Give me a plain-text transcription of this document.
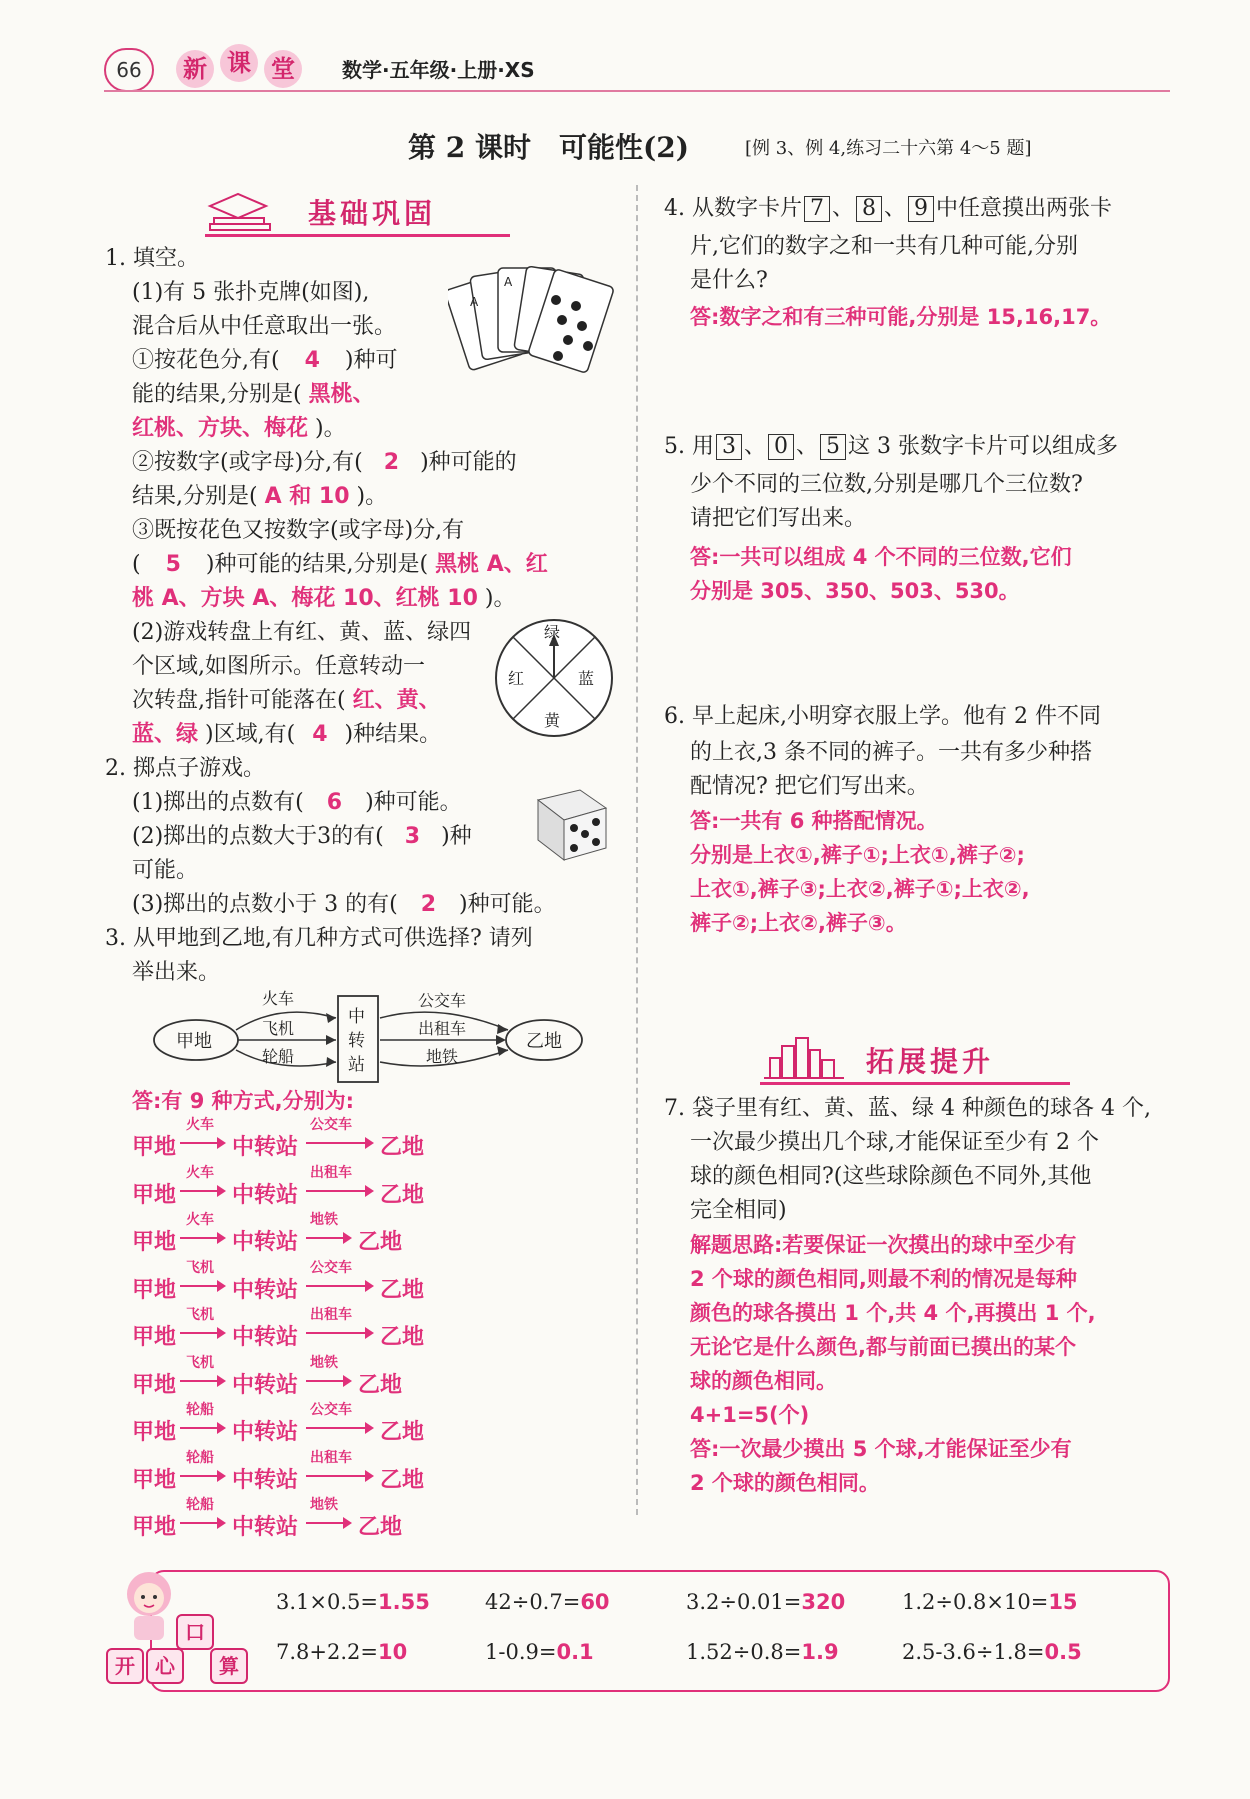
66	新 课 堂	数学·五年级·上册·XS
第 2 课时　可能性(2)	[例 3、例 4,练习二十六第 4～5 题]
基础巩固
1. 填空。
(1)有 5 张扑克牌(如图),
混合后从中任意取出一张。
A
A
①按花色分,有( 4 )种可
能的结果,分别是( 黑桃、
红桃、方块、梅花 )。
②按数字(或字母)分,有( 2 )种可能的
结果,分别是( A 和 10 )。
③既按花色又按数字(或字母)分,有
( 5 )种可能的结果,分别是( 黑桃 A、红
桃 A、方块 A、梅花 10、红桃 10 )。
(2)游戏转盘上有红、黄、蓝、绿四
个区域,如图所示。任意转动一
次转盘,指针可能落在( 红、黄、
蓝、绿 )区域,有( 4 )种结果。
绿
蓝
黄
红
2. 掷点子游戏。
(1)掷出的点数有( 6 )种可能。
(2)掷出的点数大于3的有( 3 )种
可能。
(3)掷出的点数小于 3 的有( 2 )种可能。
3. 从甲地到乙地,有几种方式可供选择? 请列
举出来。
甲地
中
转
站
乙地
火车
飞机
轮船
公交车
出租车
地铁
答:有 9 种方式,分别为:
甲地
火车
中转站
公交车
乙地
甲地
火车
中转站
出租车
乙地
甲地
火车
中转站
地铁
乙地
甲地
飞机
中转站
公交车
乙地
甲地
飞机
中转站
出租车
乙地
甲地
飞机
中转站
地铁
乙地
甲地
轮船
中转站
公交车
乙地
甲地
轮船
中转站
出租车
乙地
甲地
轮船
中转站
地铁
乙地
4. 从数字卡片 7 、 8 、 9 中任意摸出两张卡
片,它们的数字之和一共有几种可能,分别
是什么?
答:数字之和有三种可能,分别是 15,16,17。
5. 用 3 、 0 、 5 这 3 张数字卡片可以组成多
少个不同的三位数,分别是哪几个三位数?
请把它们写出来。
答:一共可以组成 4 个不同的三位数,它们
分别是 305、350、503、530。
6. 早上起床,小明穿衣服上学。他有 2 件不同
的上衣,3 条不同的裤子。一共有多少种搭
配情况? 把它们写出来。
答:一共有 6 种搭配情况。
分别是上衣①,裤子①;上衣①,裤子②;
上衣①,裤子③;上衣②,裤子①;上衣②,
裤子②;上衣②,裤子③。
拓展提升
7. 袋子里有红、黄、蓝、绿 4 种颜色的球各 4 个,
一次最少摸出几个球,才能保证至少有 2 个
球的颜色相同?(这些球除颜色不同外,其他
完全相同)
解题思路:若要保证一次摸出的球中至少有
2 个球的颜色相同,则最不利的情况是每种
颜色的球各摸出 1 个,共 4 个,再摸出 1 个,
无论它是什么颜色,都与前面已摸出的某个
球的颜色相同。
4+1=5(个)
答:一次最少摸出 5 个球,才能保证至少有
2 个球的颜色相同。
开	心
口
算
3.1×0.5=1.55	42÷0.7=60	3.2÷0.01=320	1.2÷0.8×10=15
7.8+2.2=10	1-0.9=0.1	1.52÷0.8=1.9	2.5-3.6÷1.8=0.5
